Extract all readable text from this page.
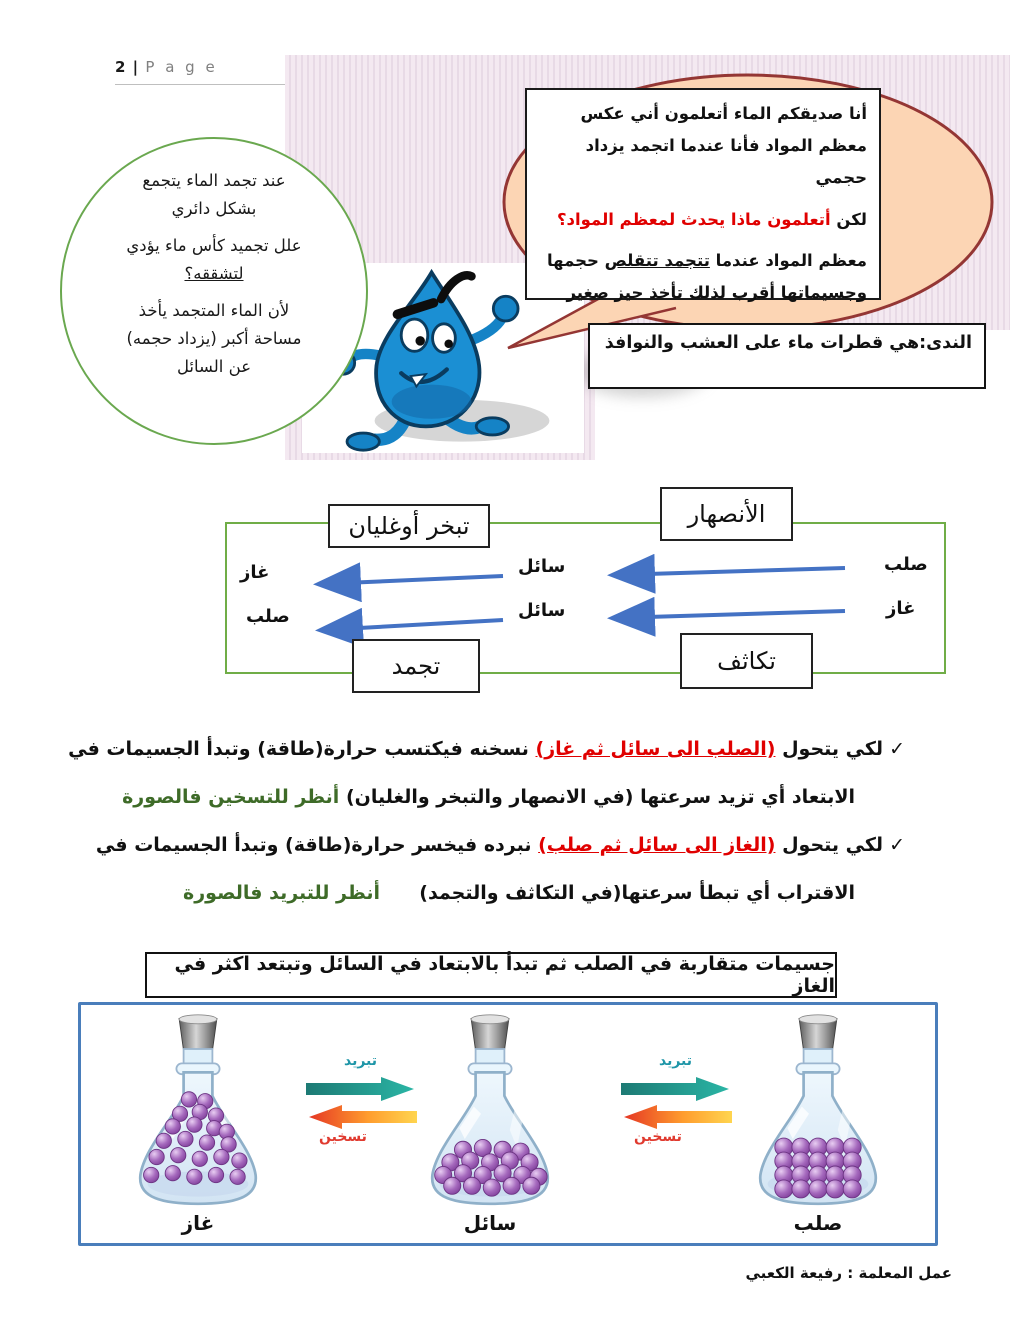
2 | P a g e

أنا صديقكم الماء أتعلمون أني عكس معظم المواد فأنا عندما اتجمد يزداد حجمي

لكن أتعلمون ماذا يحدث لمعظم المواد؟

معظم المواد عندما تتجمد تتقلص حجمها وجسيماتها أقرب لذلك تأخذ حيز صغير

عند تجمد الماء يتجمع
بشكل دائري
علل تجميد كأس ماء يؤدي
لتشققه؟
لأن الماء المتجمد يأخذ
مساحة أكبر (يزداد حجمه)
عن السائل
الندى:هي قطرات ماء على العشب والنوافذ
الأنصهار
تبخر أوغليان
تكاثف
تجمد
صلب
سائل
غاز
غاز
سائل
صلب
✓لكي يتحول (الصلب الى سائل ثم غاز) نسخنه فيكتسب حرارة(طاقة) وتبدأ الجسيمات في
الابتعاد أي تزيد سرعتها (في الانصهار والتبخر والغليان) أنظر للتسخين فالصورة
✓لكي يتحول (الغاز الى سائل ثم صلب) نبرده فيخسر حرارة(طاقة) وتبدأ الجسيمات في
الاقتراب أي تبطأ سرعتها(في التكاثف والتجمد)
أنظر للتبريد فالصورة
جسيمات متقاربة في الصلب ثم تبدأ بالابتعاد في السائل وتبتعد اكثر في الغاز
تبريد
تسخين
تبريد
تسخين
غاز	سائل	صلب
عمل المعلمة : رفيعة الكعبي
